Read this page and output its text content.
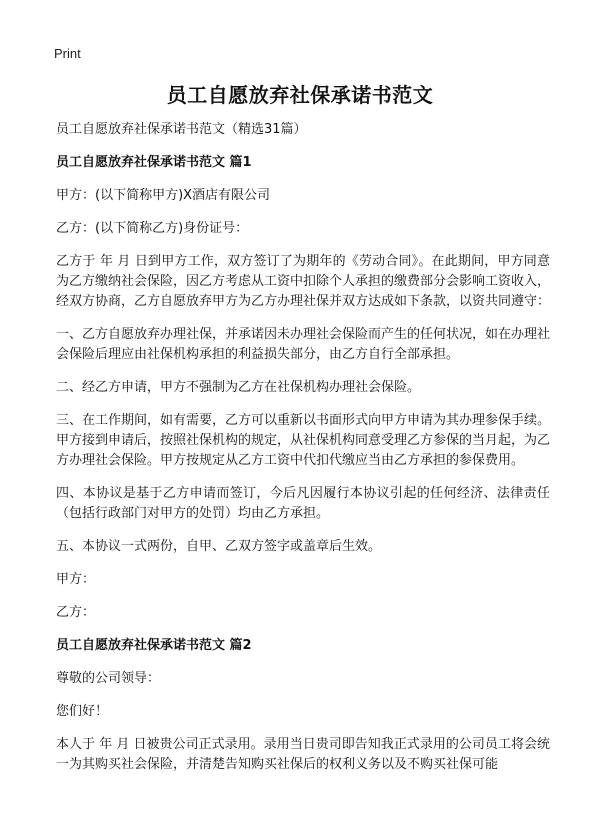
Print
员工自愿放弃社保承诺书范文

员工自愿放弃社保承诺书范文（精选31篇）

员工自愿放弃社保承诺书范文 篇1

甲方：(以下简称甲方)X酒店有限公司

乙方：(以下简称乙方)身份证号：

乙方于 年 月 日到甲方工作，双方签订了为期年的《劳动合同》。在此期间，甲方同意为乙方缴纳社会保险，因乙方考虑从工资中扣除个人承担的缴费部分会影响工资收入，经双方协商，乙方自愿放弃甲方为乙方办理社保并双方达成如下条款，以资共同遵守：

一、乙方自愿放弃办理社保，并承诺因未办理社会保险而产生的任何状况，如在办理社会保险后理应由社保机构承担的利益损失部分，由乙方自行全部承担。

二、经乙方申请，甲方不强制为乙方在社保机构办理社会保险。

三、在工作期间，如有需要，乙方可以重新以书面形式向甲方申请为其办理参保手续。甲方接到申请后，按照社保机构的规定，从社保机构同意受理乙方参保的当月起，为乙方办理社会保险。甲方按规定从乙方工资中代扣代缴应当由乙方承担的参保费用。

四、本协议是基于乙方申请而签订，今后凡因履行本协议引起的任何经济、法律责任（包括行政部门对甲方的处罚）均由乙方承担。

五、本协议一式两份，自甲、乙双方签字或盖章后生效。

甲方：

乙方：

员工自愿放弃社保承诺书范文 篇2

尊敬的公司领导：

您们好！

本人于 年 月 日被贵公司正式录用。录用当日贵司即告知我正式录用的公司员工将会统一为其购买社会保险，并清楚告知购买社保后的权利义务以及不购买社保可能
